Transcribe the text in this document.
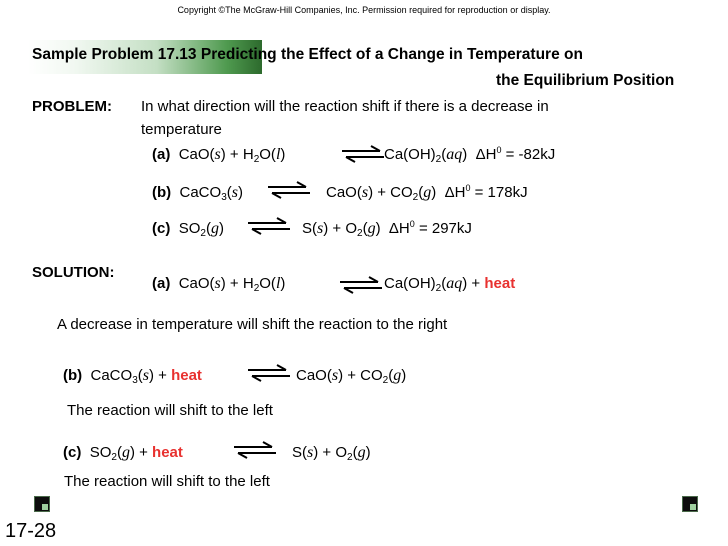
Copyright ©The McGraw-Hill Companies, Inc. Permission required for reproduction or display.
Sample Problem 17.13 Predicting the Effect of a Change in Temperature on
the Equilibrium Position
PROBLEM: In what direction will the reaction shift if there is a decrease in
temperature
(a) $CaO(s) + H_2O(l)$	$Ca(OH)_2(aq) \Delta H^0 = -82kJ$
(b) CaCO$_3$(s) ⇌ $CaO(s) + CO_2(g) \Delta H^0 = 178kJ$
(c) $SO_2(g)$ ⇌ $S(s) + O_2(g) \Delta H^0 = 297kJ$
SOLUTION:
(a) $CaO(s) + H_2O(l)$	⇌ $Ca(OH)_2(aq)$ + heat
A decrease in temperature will shift the reaction to the right
(b) CaCO$_3$(s) + heat	⇌ $CaO(s) + CO_2(g)$
The reaction will shift to the left
(c) $SO_2(g)$ + heat	⇌ $S(s) + O_2(g)$
The reaction will shift to the left
17-28
